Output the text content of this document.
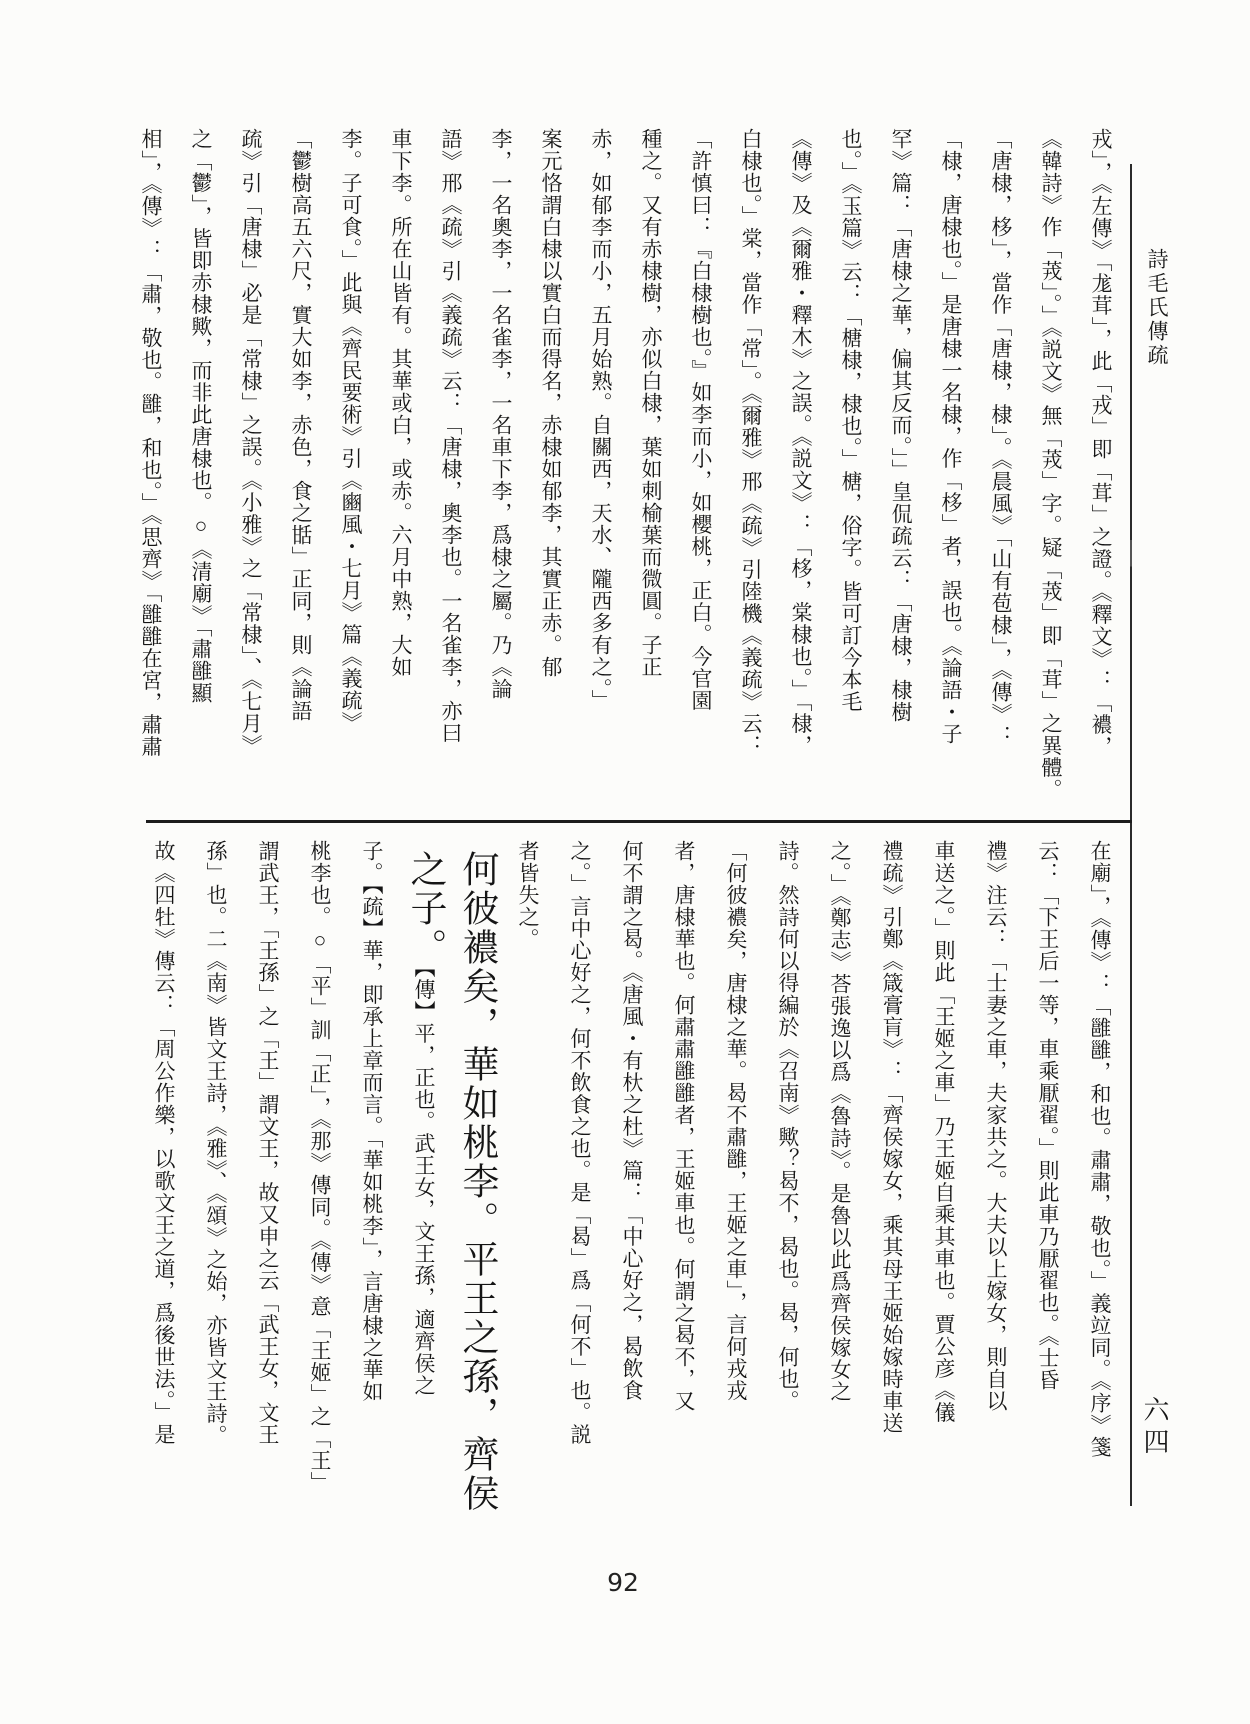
詩毛氏傳疏
六四
戎」，《左傳》「尨茸」，此「戎」即「茸」之證。《釋文》：「襛，
《韓詩》作「茙」。」《説文》無「茙」字。疑「茙」即「茸」之異體。
「唐棣，栘」，當作「唐棣，棣」。《晨風》「山有苞棣」，《傳》：
「棣，唐棣也。」是唐棣一名棣，作「栘」者，誤也。《論語・子
罕》篇：「唐棣之華，偏其反而。」」皇侃疏云：「唐棣，棣樹
也。」《玉篇》云：「榶棣，棣也。」榶，俗字。皆可訂今本毛
《傳》及《爾雅・釋木》之誤。《説文》：「栘，棠棣也。」「棣，
白棣也。」棠，當作「常」。《爾雅》邢《疏》引陸機《義疏》云：
「許慎曰：『白棣樹也。』如李而小，如櫻桃，正白。今官園
種之。又有赤棣樹，亦似白棣，葉如刺榆葉而微圓。子正
赤，如郁李而小，五月始熟。自關西，天水、隴西多有之。」
案元恪謂白棣以實白而得名，赤棣如郁李，其實正赤。郁
李，一名奧李，一名雀李，一名車下李，爲棣之屬。乃《論
語》邢《疏》引《義疏》云：「唐棣，奧李也。一名雀李，亦曰
車下李。所在山皆有。其華或白，或赤。六月中熟，大如
李。子可食。」此與《齊民要術》引《豳風・七月》篇《義疏》
「鬱樹高五六尺，實大如李，赤色，食之甛」正同，則《論語
疏》引「唐棣」必是「常棣」之誤。《小雅》之「常棣」、《七月》
之「鬱」，皆即赤棣歟，而非此唐棣也。○《清廟》「肅雝顯
相」，《傳》：「肅，敬也。雝，和也。」《思齊》「雝雝在宮，肅肅
在廟」，《傳》：「雝雝，和也。肅肅，敬也。」義竝同。《序》箋
云：「下王后一等，車乘厭翟。」則此車乃厭翟也。《士昏
禮》注云：「士妻之車，夫家共之。大夫以上嫁女，則自以
車送之。」則此「王姬之車」乃王姬自乘其車也。賈公彦《儀
禮疏》引鄭《箴膏肓》：「齊侯嫁女，乘其母王姬始嫁時車送
之。」《鄭志》荅張逸以爲《魯詩》。是魯以此爲齊侯嫁女之
詩。然詩何以得編於《召南》歟？曷不，曷也。曷，何也。
「何彼襛矣，唐棣之華。曷不肅雝，王姬之車」，言何戎戎
者，唐棣華也。何肅肅雝雝者，王姬車也。何謂之曷不，又
何不謂之曷。《唐風・有杕之杜》篇：「中心好之，曷飲食
之。」言中心好之，何不飲食之也。是「曷」爲「何不」也。説
者皆失之。
何彼襛矣，華如桃李。平王之孫，齊侯
之子。【傳】平，正也。武王女，文王孫，適齊侯之
子。【疏】華，即承上章而言。「華如桃李」，言唐棣之華如
桃李也。○「平」訓「正」，《那》傳同。《傳》意「王姬」之「王」
謂武王，「王孫」之「王」謂文王，故又申之云「武王女，文王
孫」也。二《南》皆文王詩，《雅》、《頌》之始，亦皆文王詩。
故《四牡》傳云：「周公作樂，以歌文王之道，爲後世法。」是
92
